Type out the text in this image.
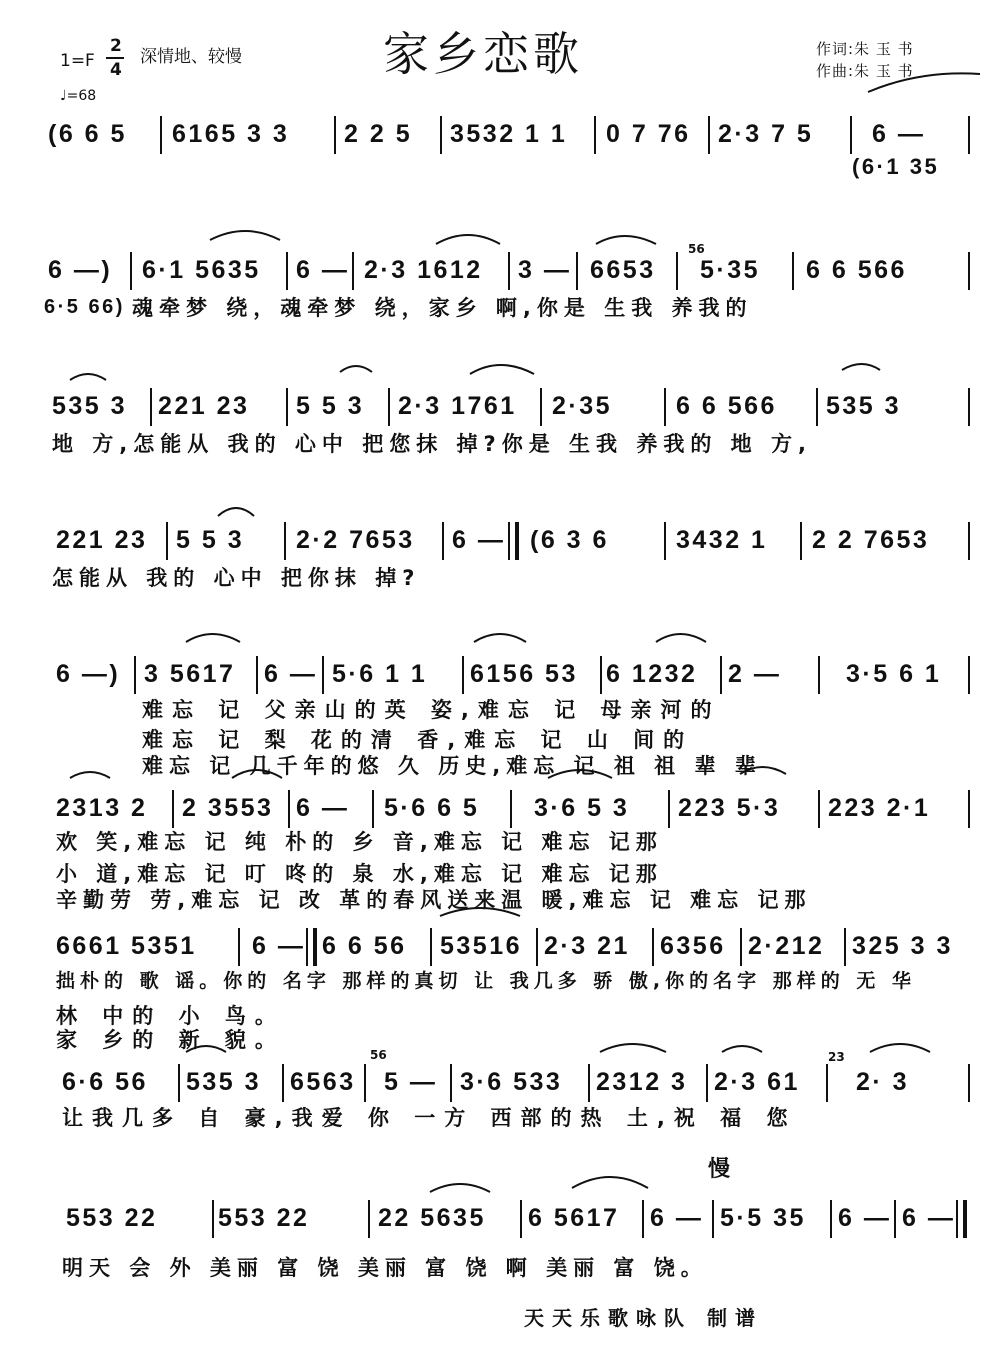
家乡恋歌
1=F
2
4
深情地、较慢
♩=68
作词:朱 玉 书
作曲:朱 玉 书
(6 6 5 6165 3 3 2 2 5 3532 1 1 0 7 76 2·3 7 5 6 —
(6·1 35
6 —) 6·1 5635 6 — 2·3 1612 3 — 6653
56
5·35 6 6 566
6·5 66) 魂牵梦 绕，魂牵梦 绕，家乡 啊,你是 生我 养我的
535 3 221 23 5 5 3 2·3 1761 2·35	6 6 566 535 3
地 方,怎能从 我的 心中 把您抹 掉?你是 生我 养我的 地 方,
221 23 5 5 3 2·2 7653 6 — (6 3 6	3432 1 2 2 7653
怎能从 我的 心中 把你抹 掉?
6 —) 3 5617 6 — 5·6 1 1 6156 53 6 1232 2 —	3·5 6 1
难忘 记 父亲山的英 姿,难忘 记 母亲河的
难忘 记 梨 花的清 香,难忘 记 山 间的
难忘 记 几千年的悠 久 历史,难忘 记 祖 祖 辈 辈
2313 2 2 3553 6 — 5·6 6 5 3·6 5 3 223 5·3 223 2·1
欢 笑,难忘 记 纯 朴的 乡 音,难忘 记 难忘 记那
小 道,难忘 记 叮 咚的 泉 水,难忘 记 难忘 记那
辛勤劳 劳,难忘 记 改 革的春风送来温 暖,难忘 记 难忘 记那
6661 5351 6 — 6 6 56 53516 2·3 21 6356 2·212 325 3 3
拙朴的 歌 谣。你的 名字 那样的真切 让 我几多 骄 傲,你的名字 那样的 无 华
林 中的 小 鸟。
家 乡的 新 貌。
6·6 56 535 3 6563
56
5 — 3·6 533 2312 3 2·3 61
23
2· 3
让我几多 自 豪,我爱 你 一方 西部的热 土,祝 福 您
慢
553 22 553 22	22 5635 6 5617 6 — 5·5 35 6 — 6 —
明天 会 外 美丽 富 饶 美丽 富 饶 啊 美丽 富 饶。
天天乐歌咏队 制谱
